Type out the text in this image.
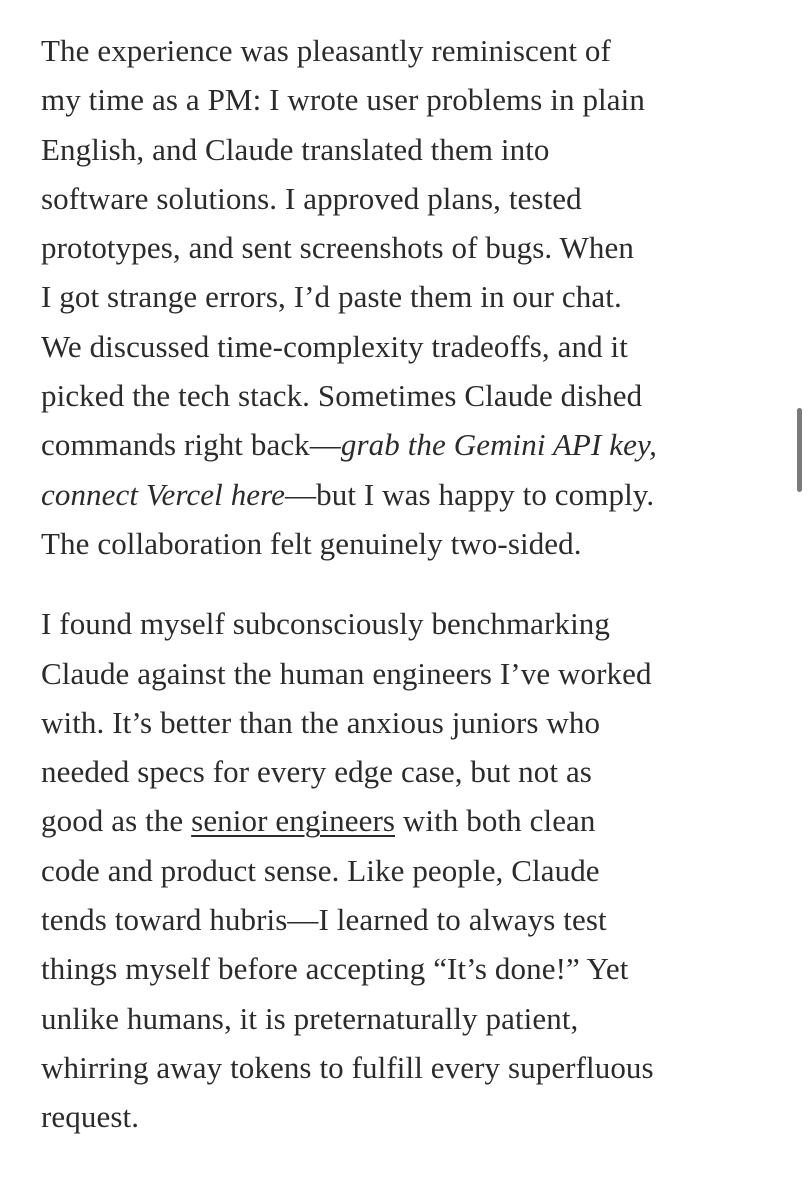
The experience was pleasantly reminiscent of
my time as a PM: I wrote user problems in plain
English, and Claude translated them into
software solutions. I approved plans, tested
prototypes, and sent screenshots of bugs. When
I got strange errors, I’d paste them in our chat.
We discussed time-complexity tradeoffs, and it
picked the tech stack. Sometimes Claude dished
commands right back—grab the Gemini API key,
connect Vercel here—but I was happy to comply.
The collaboration felt genuinely two-sided.

I found myself subconsciously benchmarking
Claude against the human engineers I’ve worked
with. It’s better than the anxious juniors who
needed specs for every edge case, but not as
good as the senior engineers with both clean
code and product sense. Like people, Claude
tends toward hubris—I learned to always test
things myself before accepting “It’s done!” Yet
unlike humans, it is preternaturally patient,
whirring away tokens to fulfill every superfluous
request.
